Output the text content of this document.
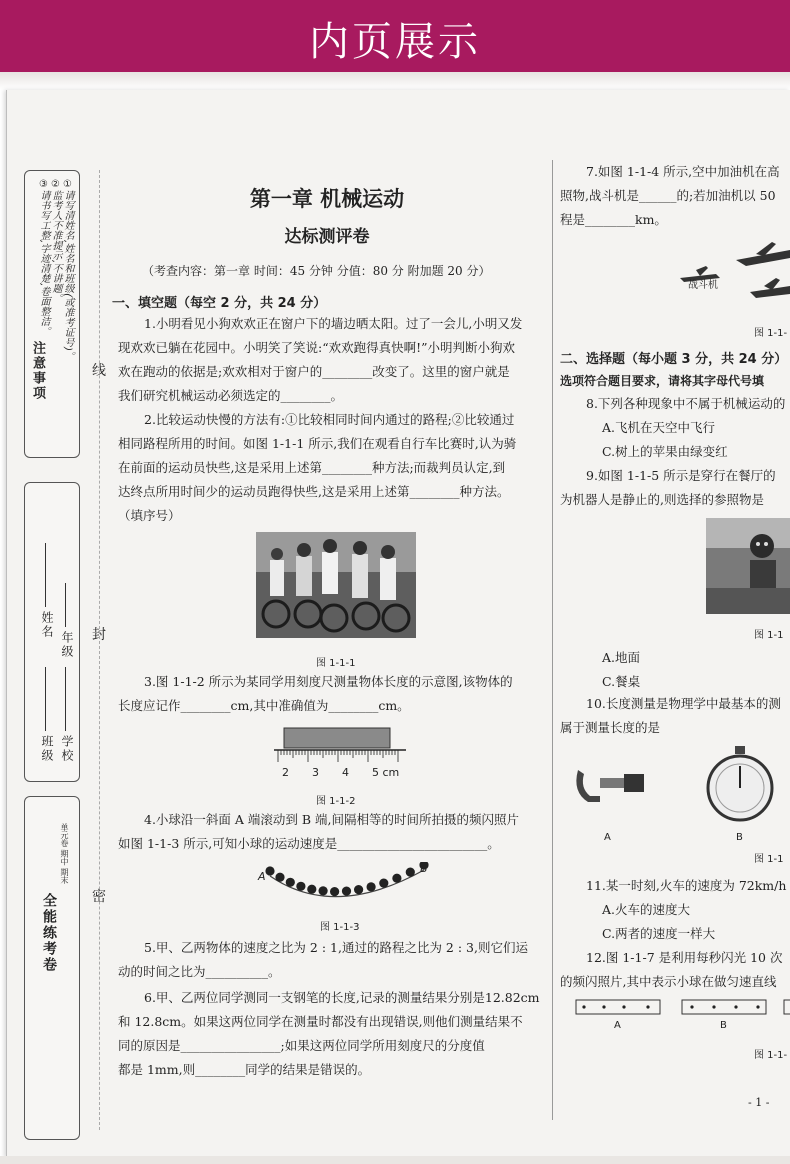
内页展示
注意事项
①请写清姓名,姓名和班级(或准考证号)。
②监考人不准提示,不讲题。
③请书写工整,字迹清楚,卷面整洁。
年级
姓名
学校
班级
单元卷 期中 期末
全能练考卷
线
封
密
第一章 机械运动
达标测评卷
（考查内容：第一章 时间：45 分钟 分值：80 分 附加题 20 分）
一、填空题（每空 2 分，共 24 分）
1.小明看见小狗欢欢正在窗户下的墙边晒太阳。过了一会儿,小明又发
现欢欢已躺在花园中。小明笑了笑说:“欢欢跑得真快啊!”小明判断小狗欢
欢在跑动的依据是;欢欢相对于窗户的________改变了。这里的窗户就是
我们研究机械运动必须选定的________。
2.比较运动快慢的方法有:①比较相同时间内通过的路程;②比较通过
相同路程所用的时间。如图 1-1-1 所示,我们在观看自行车比赛时,认为骑
在前面的运动员快些,这是采用上述第________种方法;而裁判员认定,到
达终点所用时间少的运动员跑得快些,这是采用上述第________种方法。
（填序号）
图 1-1-1
3.图 1-1-2 所示为某同学用刻度尺测量物体长度的示意图,该物体的
长度应记作________cm,其中准确值为________cm。
2 3 4 5 cm
图 1-1-2
4.小球沿一斜面 A 端滚动到 B 端,间隔相等的时间所拍摄的频闪照片
如图 1-1-3 所示,可知小球的运动速度是________________________。
A
B
图 1-1-3
5.甲、乙两物体的速度之比为 2 : 1,通过的路程之比为 2 : 3,则它们运
动的时间之比为__________。
6.甲、乙两位同学测同一支钢笔的长度,记录的测量结果分别是12.82cm
和 12.8cm。如果这两位同学在测量时都没有出现错误,则他们测量结果不
同的原因是________________;如果这两位同学所用刻度尺的分度值
都是 1mm,则________同学的结果是错误的。
7.如图 1-1-4 所示,空中加油机在高
照物,战斗机是______的;若加油机以 50
程是________km。
战斗机
图 1-1-
二、选择题（每小题 3 分，共 24 分）
选项符合题目要求，请将其字母代号填
8.下列各种现象中不属于机械运动的
A.飞机在天空中飞行
C.树上的苹果由绿变红
9.如图 1-1-5 所示是穿行在餐厅的
为机器人是静止的,则选择的参照物是
图 1-1
A.地面
C.餐桌
10.长度测量是物理学中最基本的测
属于测量长度的是
A	B
图 1-1
11.某一时刻,火车的速度为 72km/h
A.火车的速度大
C.两者的速度一样大
12.图 1-1-7 是利用每秒闪光 10 次
的频闪照片,其中表示小球在做匀速直线
A	B
图 1-1-
- 1 -
